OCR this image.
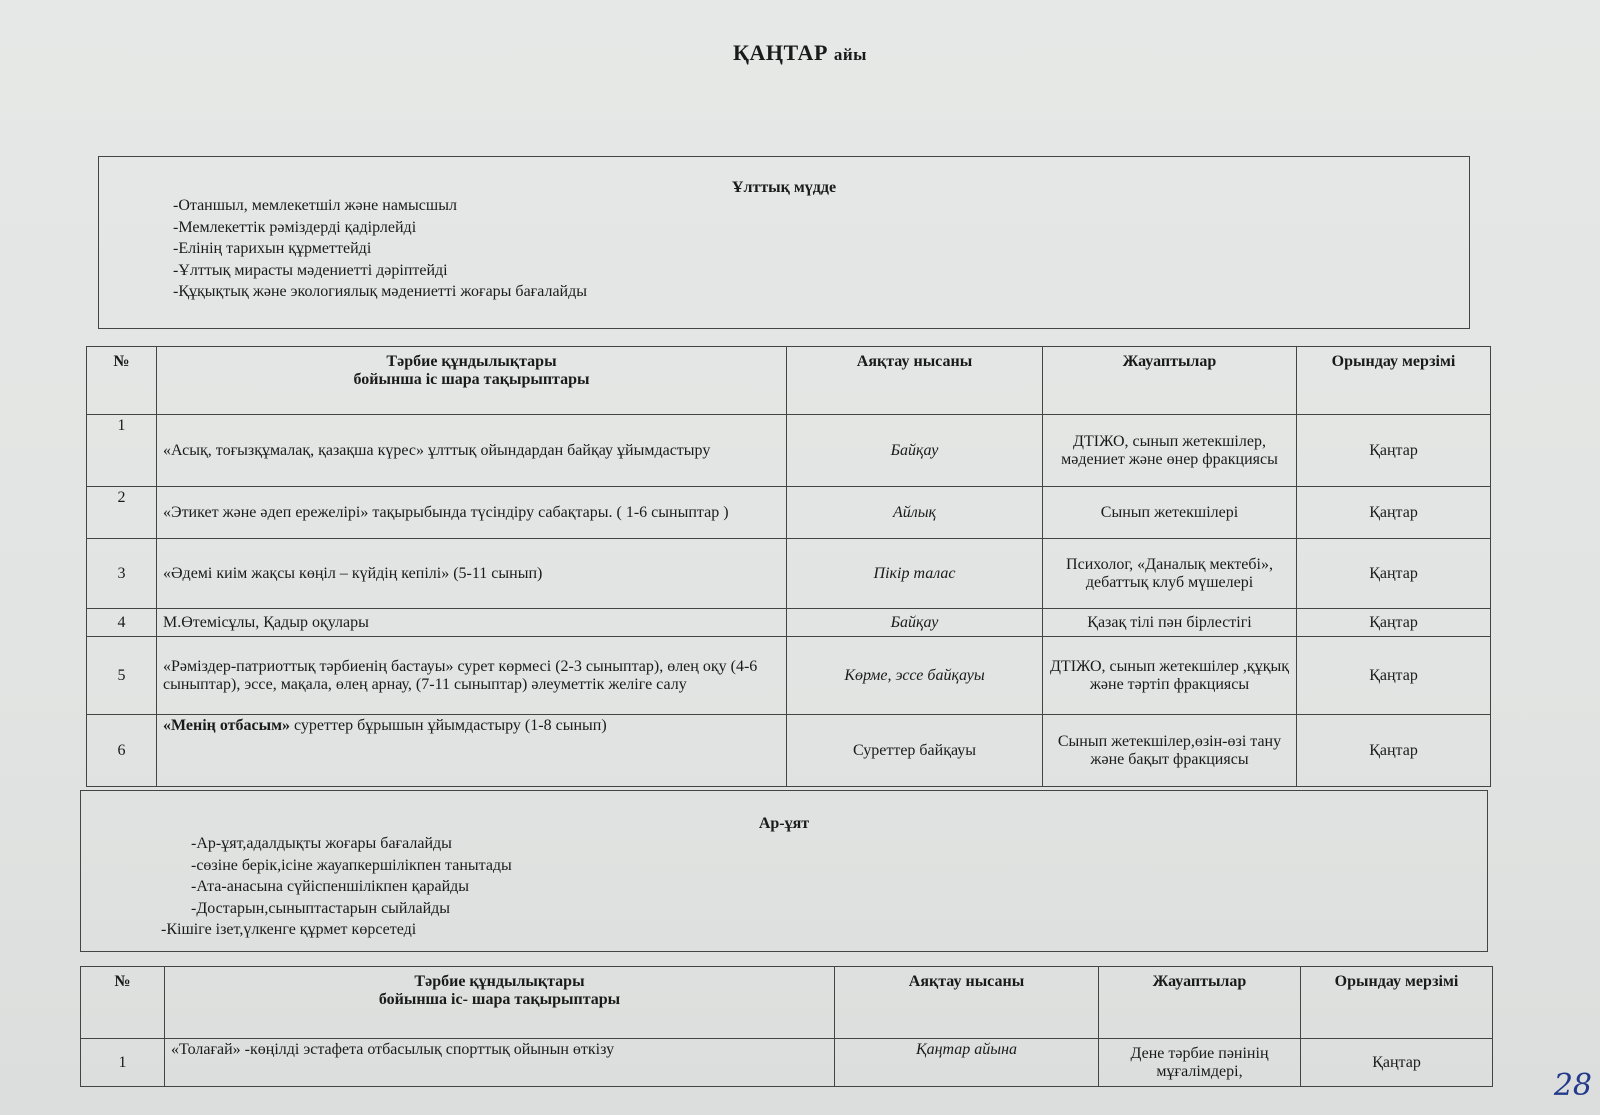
ҚАҢТАР айы
Ұлттық мүдде
-Отаншыл, мемлекетшіл және намысшыл
-Мемлекеттік рәміздерді қадірлейді
-Елінің тарихын құрметтейді
-Ұлттық мирасты мәдениетті дәріптейді
-Құқықтық және экологиялық мәдениетті жоғары бағалайды
№	Тәрбие құндылықтары
бойынша іс шара тақырыптары	Аяқтау нысаны	Жауаптылар	Орындау мерзімі
1	«Асық, тоғызқұмалақ, қазақша күрес» ұлттық ойындардан байқау ұйымдастыру	Байқау	ДТІЖО, сынып жетекшілер, мәдениет және өнер фракциясы	Қаңтар
2	«Этикет және әдеп ережелірі» тақырыбында түсіндіру сабақтары. ( 1-6 сыныптар )	Айлық	Сынып жетекшілері	Қаңтар
3	«Әдемі киім жақсы көңіл – күйдің кепілі» (5-11 сынып)	Пікір талас	Психолог, «Даналық мектебі», дебаттық клуб мүшелері	Қаңтар
4	М.Өтемісұлы, Қадыр оқулары	Байқау	Қазақ тілі пән бірлестігі	Қаңтар
5	«Рәміздер-патриоттық тәрбиенің бастауы» сурет көрмесі (2-3 сыныптар), өлең оқу (4-6 сыныптар), эссе, мақала, өлең арнау, (7-11 сыныптар) әлеуметтік желіге салу	Көрме, эссе байқауы	ДТІЖО, сынып жетекшілер ,құқық және тәртіп фракциясы	Қаңтар
6	«Менің отбасым» суреттер бұрышын ұйымдастыру (1-8 сынып)	Суреттер байқауы	Сынып жетекшілер,өзін-өзі тану және бақыт фракциясы	Қаңтар
Ар-ұят
-Ар-ұят,адалдықты жоғары бағалайды
-сөзіне берік,ісіне жауапкершілікпен танытады
-Ата-анасына сүйіспеншілікпен қарайды
-Достарын,сыныптастарын сыйлайды
-Кішіге ізет,үлкенге құрмет көрсетеді
№	Тәрбие құндылықтары
бойынша іс- шара тақырыптары	Аяқтау нысаны	Жауаптылар	Орындау мерзімі
1	«Толағай» -көңілді эстафета отбасылық спорттық ойынын өткізу	Қаңтар айына	Дене тәрбие пәнінің мұғалімдері,	Қаңтар
28
